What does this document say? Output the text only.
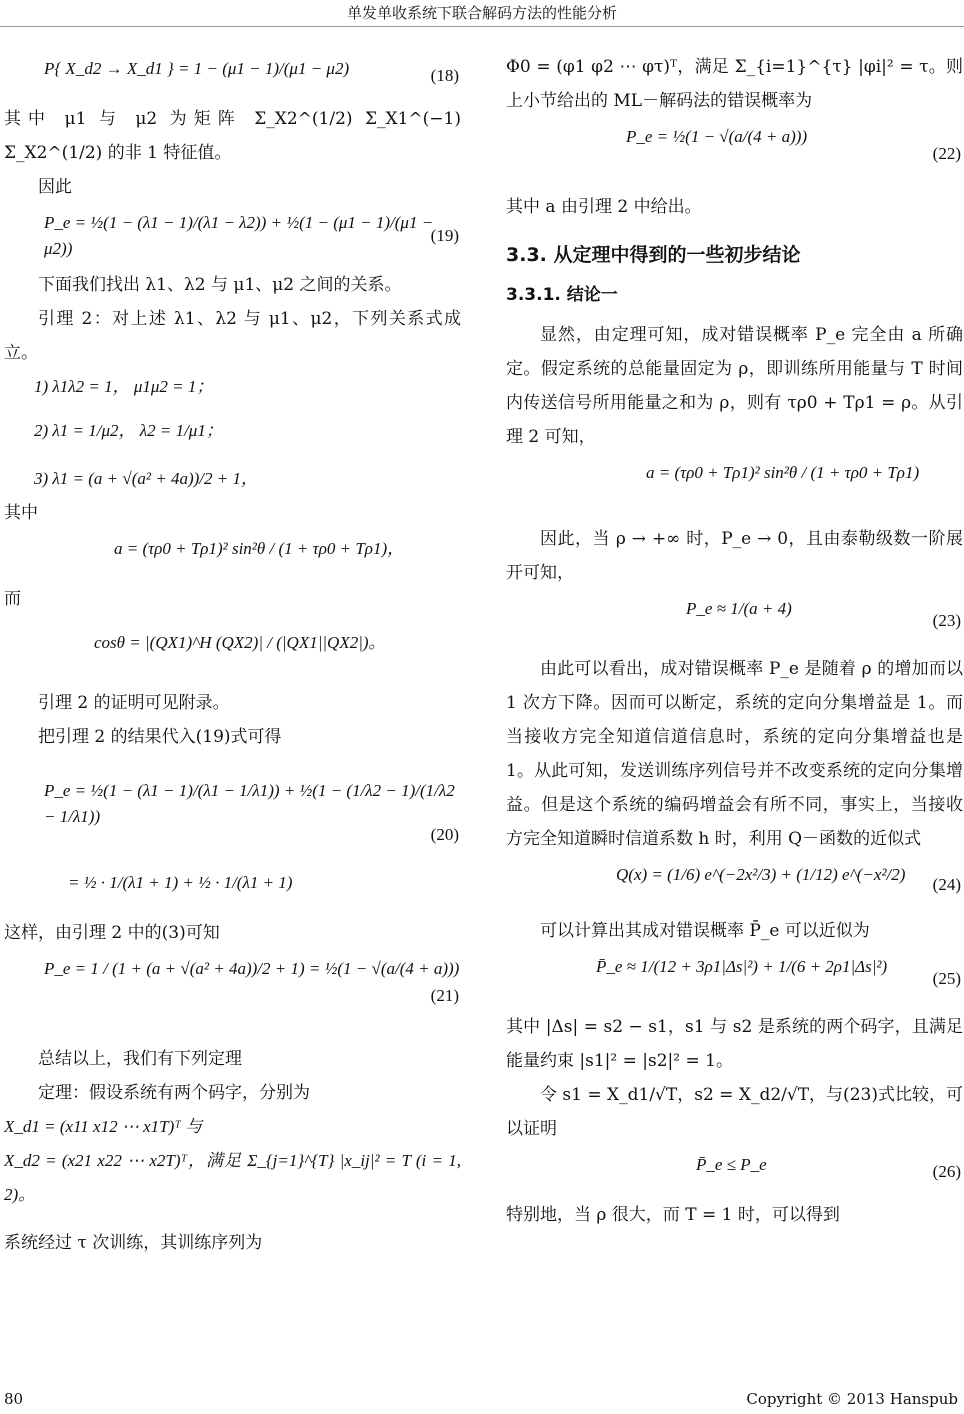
单发单收系统下联合解码方法的性能分析
P{ X_d2 → X_d1 } = 1 − (μ1 − 1)/(μ1 − μ2)	(18)

其中 μ1 与 μ2 为矩阵 Σ_X2^(1/2) Σ_X1^(−1) Σ_X2^(1/2) 的非 1 特征值。

因此

P_e = ½(1 − (λ1 − 1)/(λ1 − λ2)) + ½(1 − (μ1 − 1)/(μ1 − μ2))
(19)

下面我们找出 λ1、λ2 与 μ1、μ2 之间的关系。

引理 2：对上述 λ1、λ2 与 μ1、μ2，下列关系式成立。

1) λ1λ2 = 1， μ1μ2 = 1；
2) λ1 = 1/μ2， λ2 = 1/μ1；
3) λ1 = (a + √(a² + 4a))/2 + 1，

其中

a = (τρ0 + Tρ1)² sin²θ / (1 + τρ0 + Tρ1)，

而

cosθ = |(QX1)^H (QX2)| / (|QX1||QX2|)。

引理 2 的证明可见附录。

把引理 2 的结果代入(19)式可得

P_e = ½(1 − (λ1 − 1)/(λ1 − 1/λ1)) + ½(1 − (1/λ2 − 1)/(1/λ2 − 1/λ1))
= ½ · 1/(λ1 + 1) + ½ · 1/(λ1 + 1)
(20)

这样，由引理 2 中的(3)可知

P_e = 1 / (1 + (a + √(a² + 4a))/2 + 1) = ½(1 − √(a/(4 + a)))
(21)

总结以上，我们有下列定理

定理：假设系统有两个码字，分别为

X_d1 = (x11 x12 ⋯ x1T)ᵀ 与

X_d2 = (x21 x22 ⋯ x2T)ᵀ，满足 Σ_{j=1}^{T} |x_ij|² = T (i = 1, 2)。

系统经过 τ 次训练，其训练序列为

Φ0 = (φ1 φ2 ⋯ φτ)ᵀ，满足 Σ_{i=1}^{τ} |φi|² = τ。则上小节给出的 ML－解码法的错误概率为

P_e = ½(1 − √(a/(4 + a)))
(22)

其中 a 由引理 2 中给出。

3.3. 从定理中得到的一些初步结论
3.3.1. 结论一

显然，由定理可知，成对错误概率 P_e 完全由 a 所确定。假定系统的总能量固定为 ρ，即训练所用能量与 T 时间内传送信号所用能量之和为 ρ，则有 τρ0 + Tρ1 = ρ。从引理 2 可知，

a = (τρ0 + Tρ1)² sin²θ / (1 + τρ0 + Tρ1)

因此，当 ρ → +∞ 时，P_e → 0，且由泰勒级数一阶展开可知，

P_e ≈ 1/(a + 4)
(23)

由此可以看出，成对错误概率 P_e 是随着 ρ 的增加而以 1 次方下降。因而可以断定，系统的定向分集增益是 1。而当接收方完全知道信道信息时，系统的定向分集增益也是 1。从此可知，发送训练序列信号并不改变系统的定向分集增益。但是这个系统的编码增益会有所不同，事实上，当接收方完全知道瞬时信道系数 h 时，利用 Q－函数的近似式

Q(x) = (1/6) e^(−2x²/3) + (1/12) e^(−x²/2)
(24)

可以计算出其成对错误概率 P̄_e 可以近似为

P̄_e ≈ 1/(12 + 3ρ1|Δs|²) + 1/(6 + 2ρ1|Δs|²)
(25)

其中 |Δs| = s2 − s1，s1 与 s2 是系统的两个码字，且满足能量约束 |s1|² = |s2|² = 1。

令 s1 = X_d1/√T，s2 = X_d2/√T，与(23)式比较，可以证明

P̄_e ≤ P_e	(26)

特别地，当 ρ 很大，而 T = 1 时，可以得到

80	Copyright © 2013 Hanspub
